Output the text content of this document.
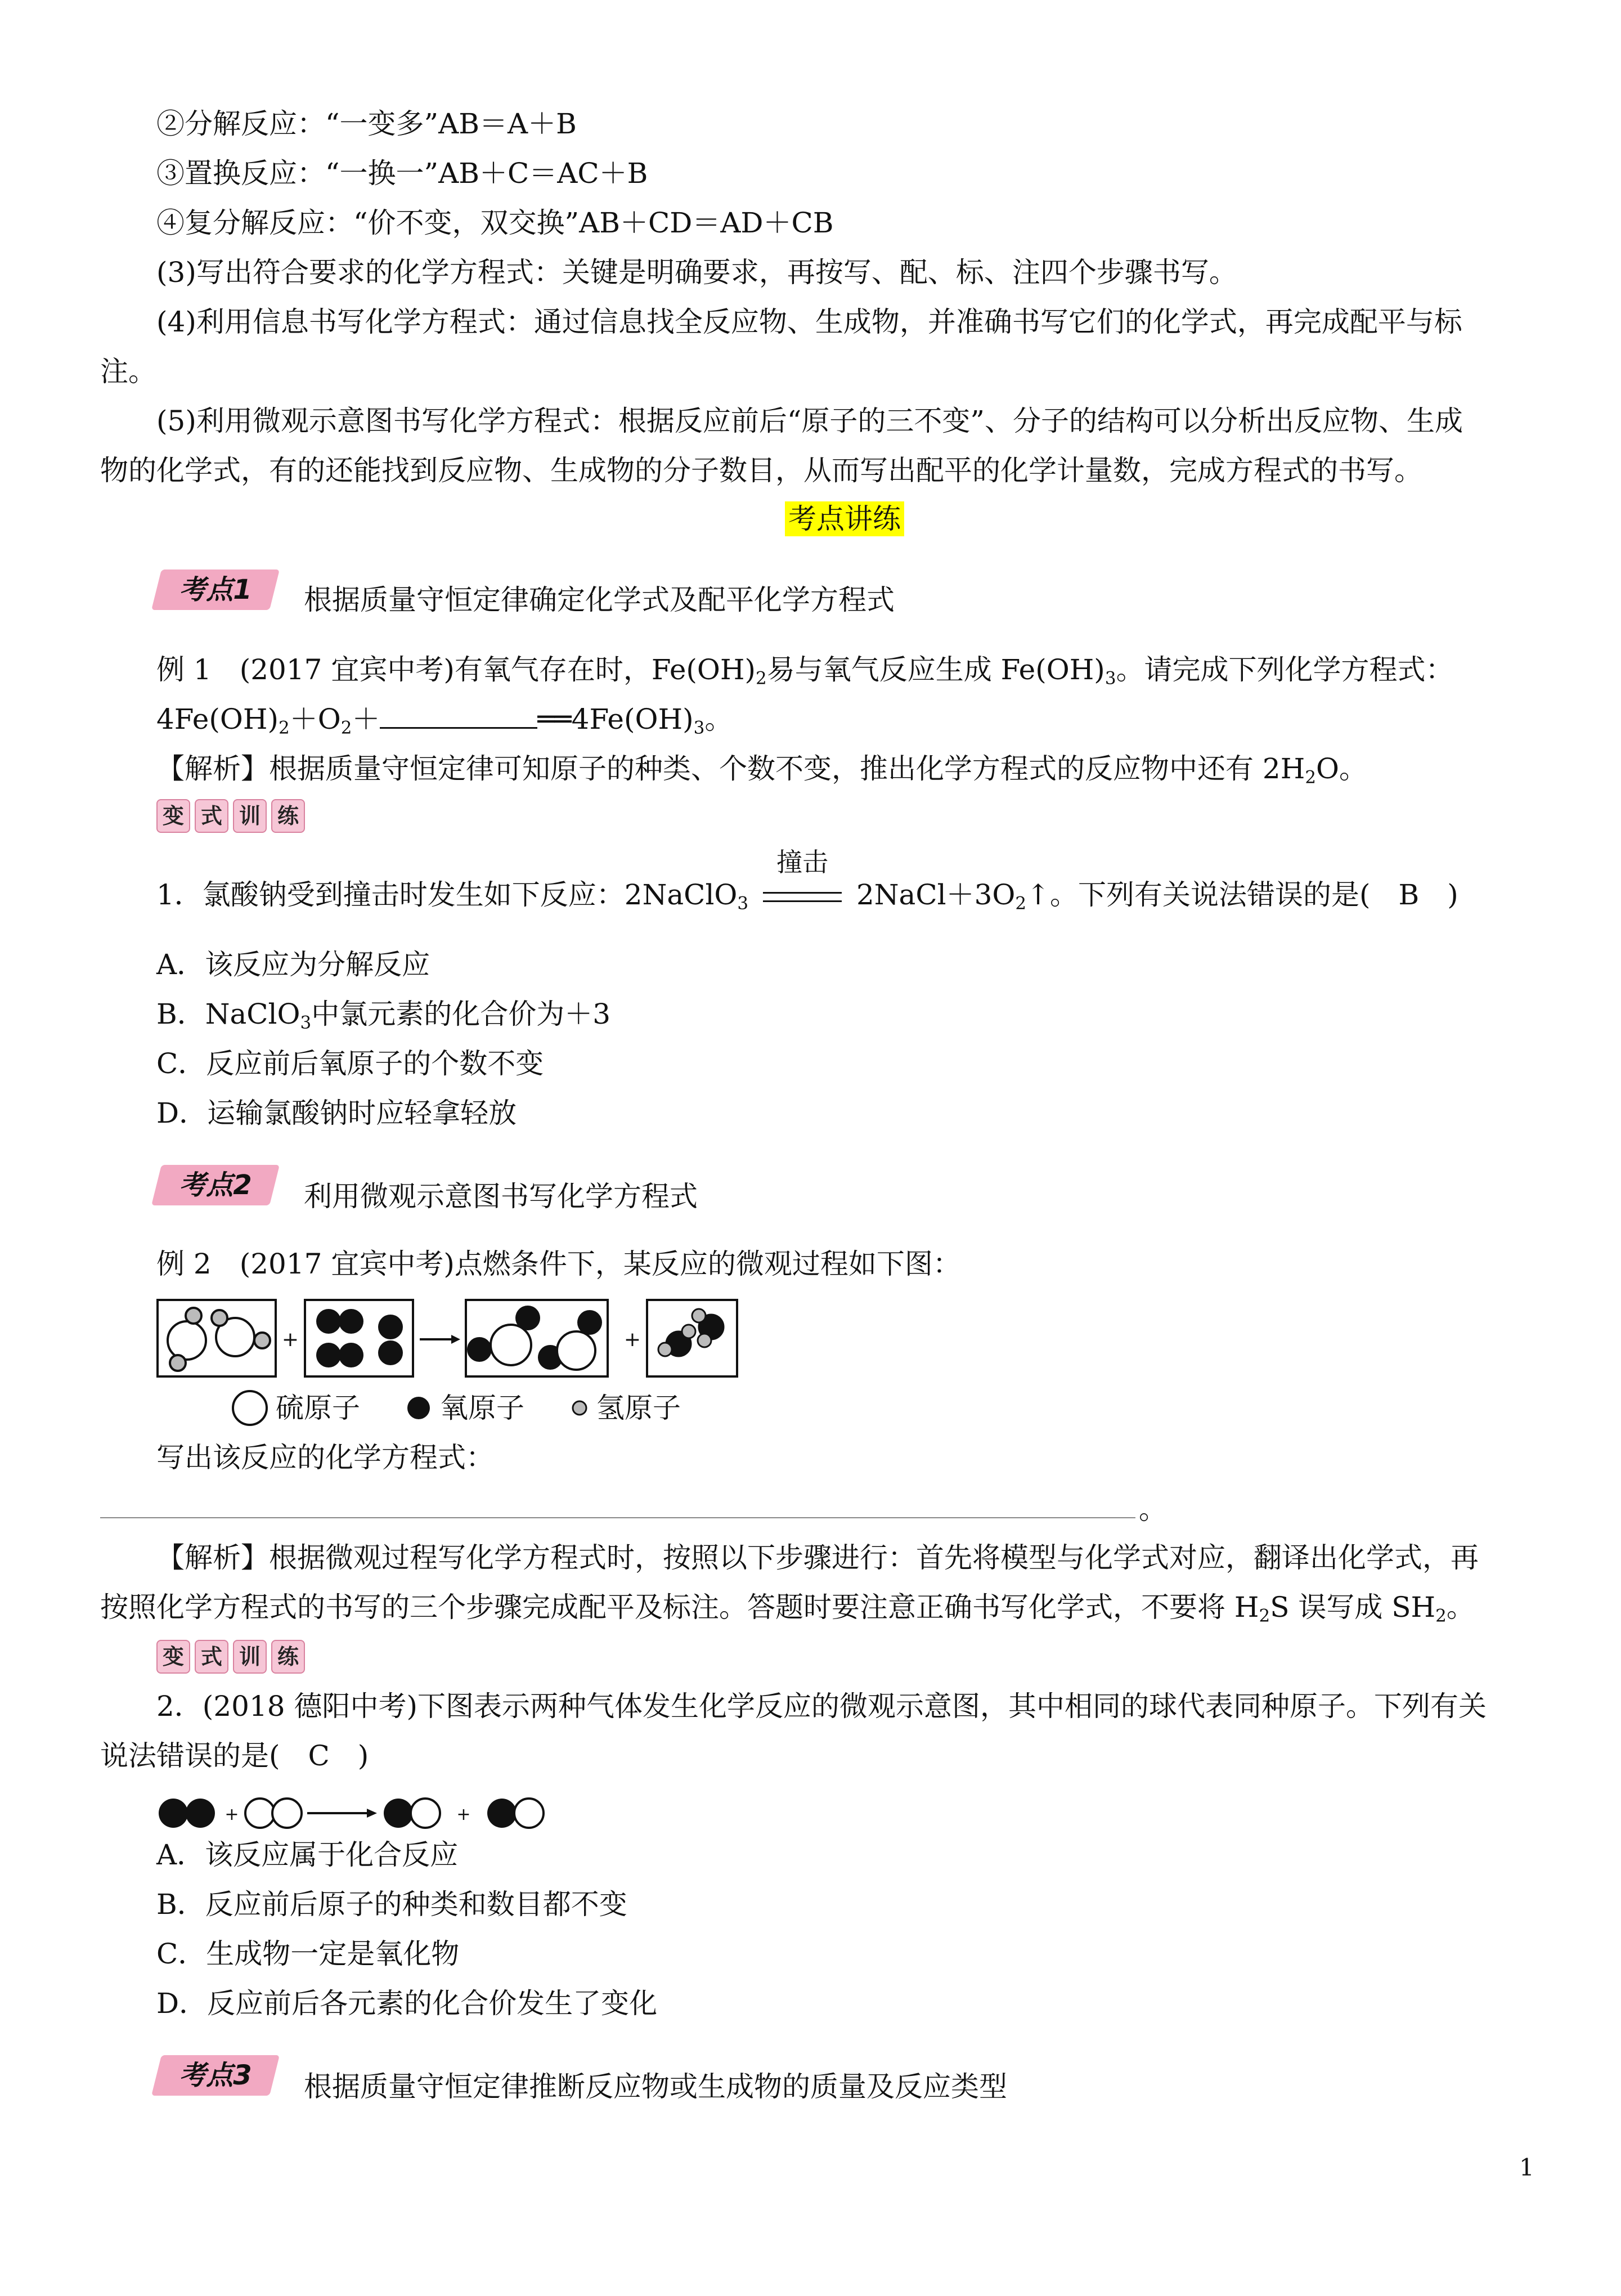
②分解反应：“一变多”AB＝A＋B
③置换反应：“一换一”AB＋C＝AC＋B
④复分解反应：“价不变，双交换”AB＋CD＝AD＋CB
(3)写出符合要求的化学方程式：关键是明确要求，再按写、配、标、注四个步骤书写。
(4)利用信息书写化学方程式：通过信息找全反应物、生成物，并准确书写它们的化学式，再完成配平与标
注。
(5)利用微观示意图书写化学方程式：根据反应前后“原子的三不变”、分子的结构可以分析出反应物、生成
物的化学式，有的还能找到反应物、生成物的分子数目，从而写出配平的化学计量数，完成方程式的书写。
考点讲练
考点1	根据质量守恒定律确定化学式及配平化学方程式
例 1　 (2017 宜宾中考)有氧气存在时，$Fe(OH)_2$易与氧气反应生成 $Fe(OH)_3$。请完成下列化学方程式：
$4Fe(OH)_2+O_2+$	$══4Fe(OH)_3$。
【解析】根据质量守恒定律可知原子的种类、个数不变，推出化学方程式的反应物中还有 $2H_2O$。
变 式 训 练
1．氯酸钠受到撞击时发生如下反应：2NaClO$_3$
撞击
$2NaCl+3O_2↑$。下列有关说法错误的是(　B　)
A．该反应为分解反应
B．NaClO$_3$中氯元素的化合价为＋3
C．反应前后氧原子的个数不变
D．运输氯酸钠时应轻拿轻放
考点2	利用微观示意图书写化学方程式
例 2　 (2017 宜宾中考)点燃条件下，某反应的微观过程如下图：
+	+
硫原子	氧原子	氢原子
写出该反应的化学方程式：
。
【解析】根据微观过程写化学方程式时，按照以下步骤进行：首先将模型与化学式对应，翻译出化学式，再
按照化学方程式的书写的三个步骤完成配平及标注。答题时要注意正确书写化学式，不要将 $H_2S$ 误写成 $SH_2$。
变 式 训 练
2．(2018 德阳中考)下图表示两种气体发生化学反应的微观示意图，其中相同的球代表同种原子。下列有关
说法错误的是(　C　)
+	+
A．该反应属于化合反应
B．反应前后原子的种类和数目都不变
C．生成物一定是氧化物
D．反应前后各元素的化合价发生了变化
考点3	根据质量守恒定律推断反应物或生成物的质量及反应类型
1
